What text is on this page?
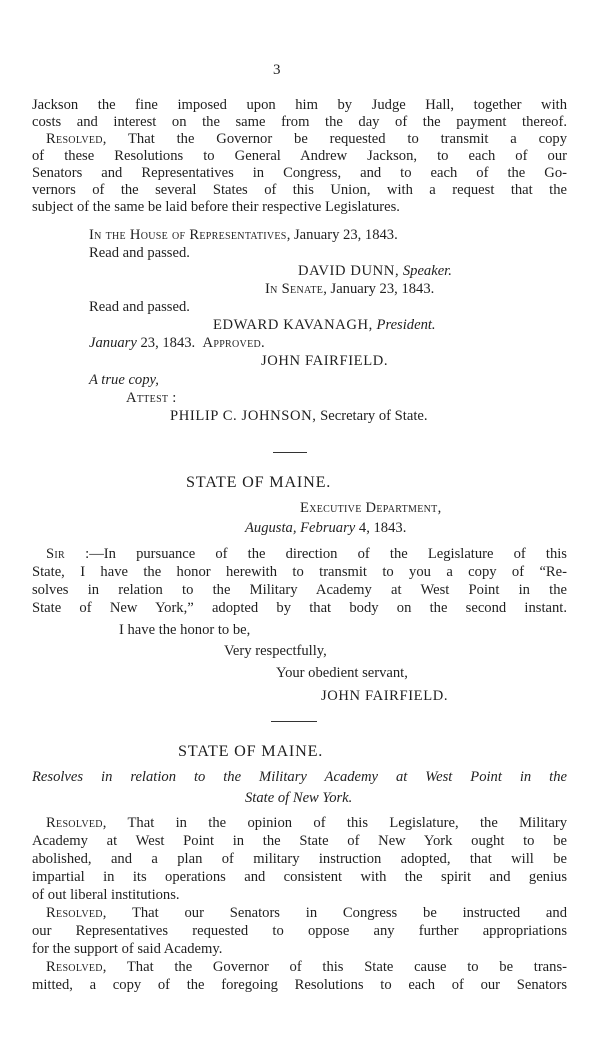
3
Jackson the fine imposed upon him by Judge Hall, together with
costs and interest on the same from the day of the payment thereof.
Resolved, That the Governor be requested to transmit a copy
of these Resolutions to General Andrew Jackson, to each of our
Senators and Representatives in Congress, and to each of the Go-
vernors of the several States of this Union, with a request that the
subject of the same be laid before their respective Legislatures.
In the House of Representatives, January 23, 1843.
Read and passed.
DAVID DUNN, Speaker.
In Senate, January 23, 1843.
Read and passed.
EDWARD KAVANAGH, President.
January 23, 1843. Approved.
JOHN FAIRFIELD.
A true copy,
Attest :
PHILIP C. JOHNSON, Secretary of State.
STATE OF MAINE.
Executive Department,
Augusta, February 4, 1843.
Sir :—In pursuance of the direction of the Legislature of this
State, I have the honor herewith to transmit to you a copy of “Re-
solves in relation to the Military Academy at West Point in the
State of New York,” adopted by that body on the second instant.
I have the honor to be,
Very respectfully,
Your obedient servant,
JOHN FAIRFIELD.
STATE OF MAINE.
Resolves in relation to the Military Academy at West Point in the
State of New York.
Resolved, That in the opinion of this Legislature, the Military
Academy at West Point in the State of New York ought to be
abolished, and a plan of military instruction adopted, that will be
impartial in its operations and consistent with the spirit and genius
of out liberal institutions.
Resolved, That our Senators in Congress be instructed and
our Representatives requested to oppose any further appropriations
for the support of said Academy.
Resolved, That the Governor of this State cause to be trans-
mitted, a copy of the foregoing Resolutions to each of our Senators
